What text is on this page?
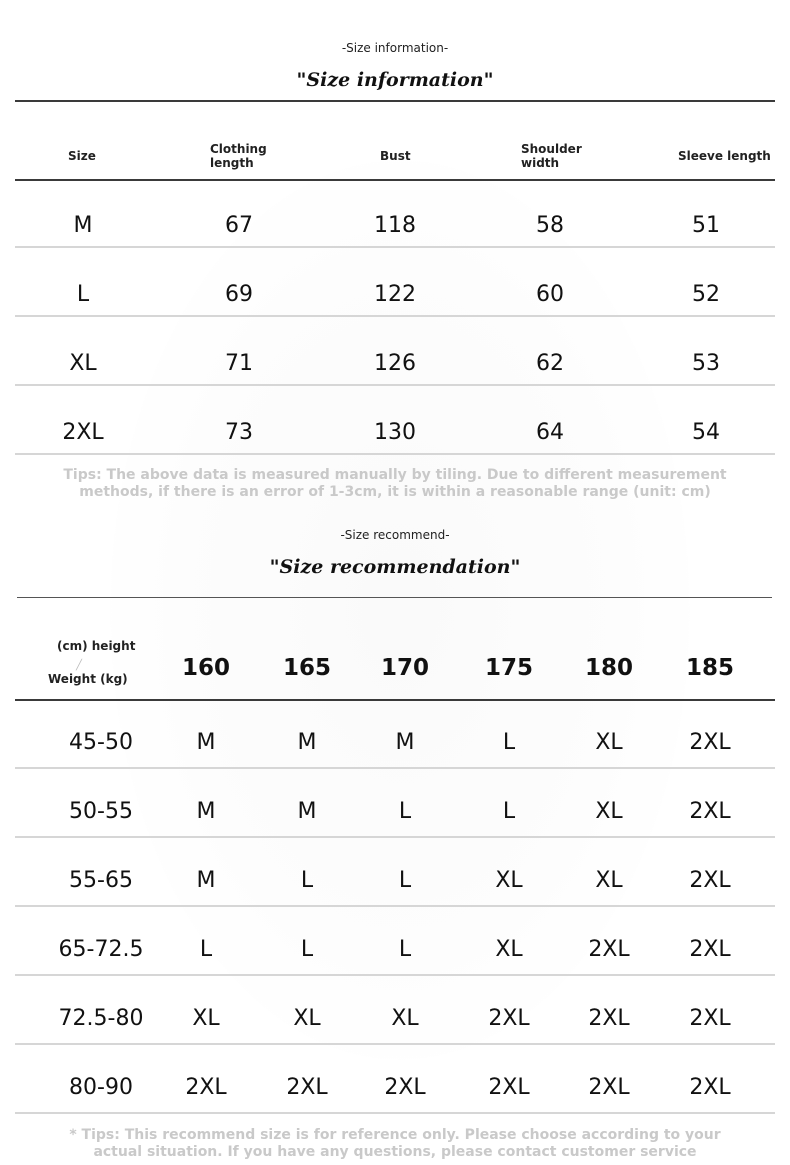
-Size information-
"Size information"
Size	Clothing length	Bust	Shoulder width	Sleeve length
M	67	118	58	51
L	69	122	60	52
XL	71	126	62	53
2XL	73	130	64	54
Tips: The above data is measured manually by tiling. Due to different measurement
methods, if there is an error of 1-3cm, it is within a reasonable range (unit: cm)
-Size recommend-
"Size recommendation"
(cm) height
Weight (kg)
╱	160	165	170	175	180	185
45-50	M	M	M	L	XL	2XL
50-55	M	M	L	L	XL	2XL
55-65	M	L	L	XL	XL	2XL
65-72.5	L	L	L	XL	2XL	2XL
72.5-80	XL	XL	XL	2XL	2XL	2XL
80-90	2XL	2XL	2XL	2XL	2XL	2XL
* Tips: This recommend size is for reference only. Please choose according to your
actual situation. If you have any questions, please contact customer service
